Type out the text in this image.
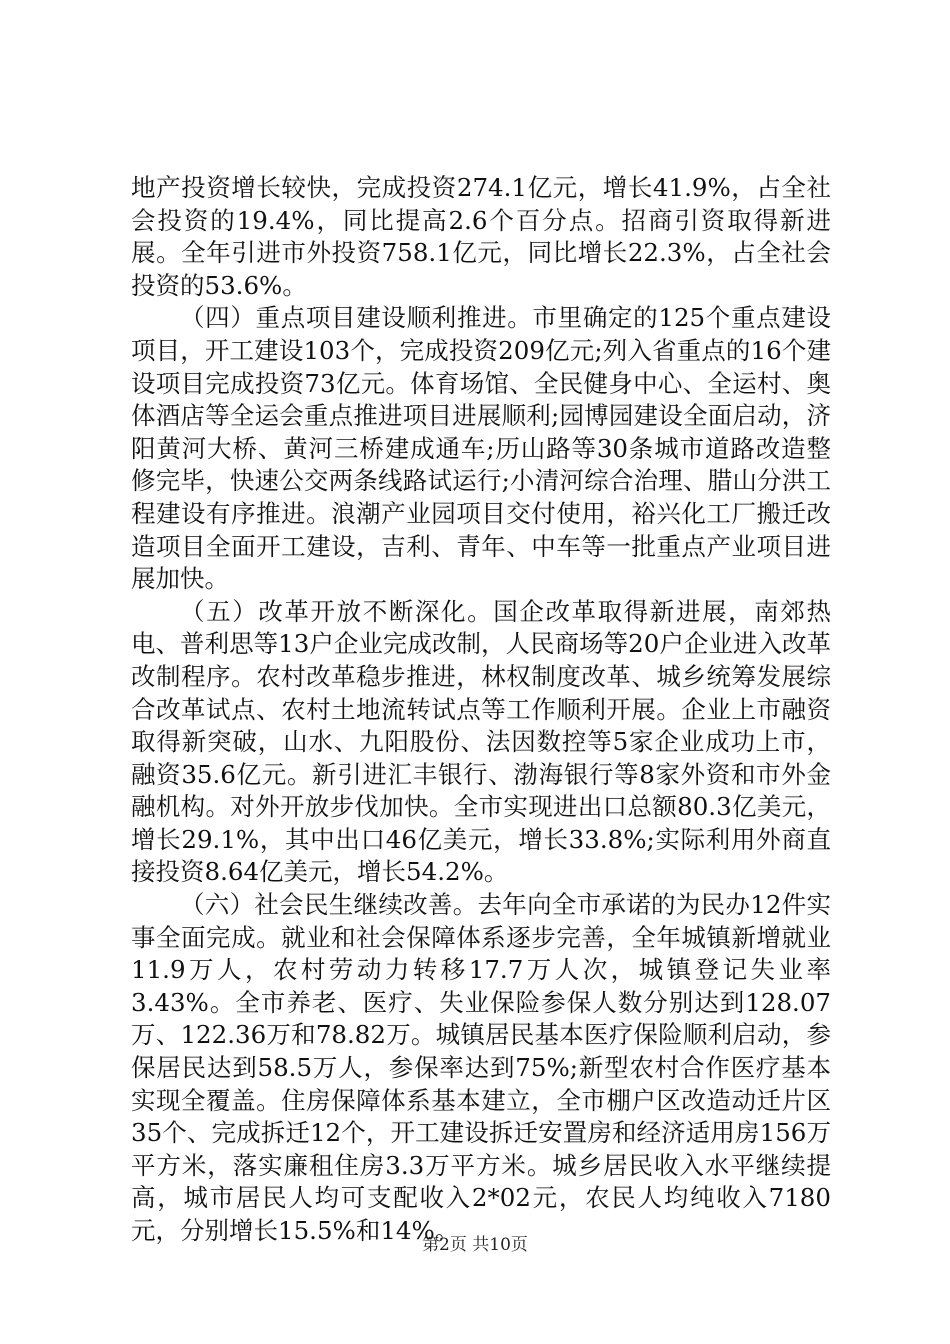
地产投资增长较快，完成投资274.1亿元，增长41.9%，占全社会投资的19.4%，同比提高2.6个百分点。招商引资取得新进展。全年引进市外投资758.1亿元，同比增长22.3%，占全社会投资的53.6%。

（四）重点项目建设顺利推进。市里确定的125个重点建设项目，开工建设103个，完成投资209亿元;列入省重点的16个建设项目完成投资73亿元。体育场馆、全民健身中心、全运村、奥体酒店等全运会重点推进项目进展顺利;园博园建设全面启动，济阳黄河大桥、黄河三桥建成通车;历山路等30条城市道路改造整修完毕，快速公交两条线路试运行;小清河综合治理、腊山分洪工程建设有序推进。浪潮产业园项目交付使用，裕兴化工厂搬迁改造项目全面开工建设，吉利、青年、中车等一批重点产业项目进展加快。

（五）改革开放不断深化。国企改革取得新进展，南郊热电、普利思等13户企业完成改制，人民商场等20户企业进入改革改制程序。农村改革稳步推进，林权制度改革、城乡统筹发展综合改革试点、农村土地流转试点等工作顺利开展。企业上市融资取得新突破，山水、九阳股份、法因数控等5家企业成功上市，融资35.6亿元。新引进汇丰银行、渤海银行等8家外资和市外金融机构。对外开放步伐加快。全市实现进出口总额80.3亿美元，增长29.1%，其中出口46亿美元，增长33.8%;实际利用外商直接投资8.64亿美元，增长54.2%。

（六）社会民生继续改善。去年向全市承诺的为民办12件实事全面完成。就业和社会保障体系逐步完善，全年城镇新增就业11.9万人，农村劳动力转移17.7万人次，城镇登记失业率3.43%。全市养老、医疗、失业保险参保人数分别达到128.07万、122.36万和78.82万。城镇居民基本医疗保险顺利启动，参保居民达到58.5万人，参保率达到75%;新型农村合作医疗基本实现全覆盖。住房保障体系基本建立，全市棚户区改造动迁片区35个、完成拆迁12个，开工建设拆迁安置房和经济适用房156万平方米，落实廉租住房3.3万平方米。城乡居民收入水平继续提高，城市居民人均可支配收入2*02元，农民人均纯收入7180元，分别增长15.5%和14%。

第2页 共10页
